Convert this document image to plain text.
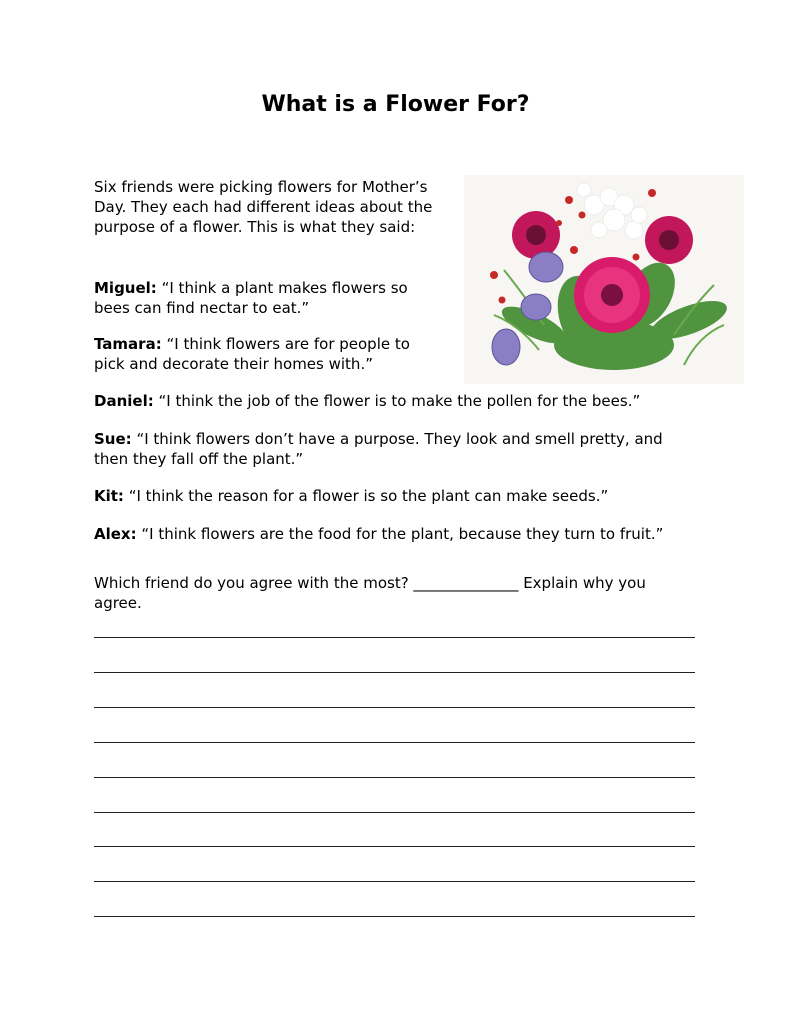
What is a Flower For?
Six friends were picking flowers for Mother’s
Day. They each had different ideas about the
purpose of a flower. This is what they said:
Miguel: “I think a plant makes flowers so
bees can find nectar to eat.”
Tamara: “I think flowers are for people to
pick and decorate their homes with.”
Daniel: “I think the job of the flower is to make the pollen for the bees.”
Sue: “I think flowers don’t have a purpose. They look and smell pretty, and
then they fall off the plant.”
Kit: “I think the reason for a flower is so the plant can make seeds.”
Alex: “I think flowers are the food for the plant, because they turn to fruit.”
Which friend do you agree with the most? ______________ Explain why you
agree.
